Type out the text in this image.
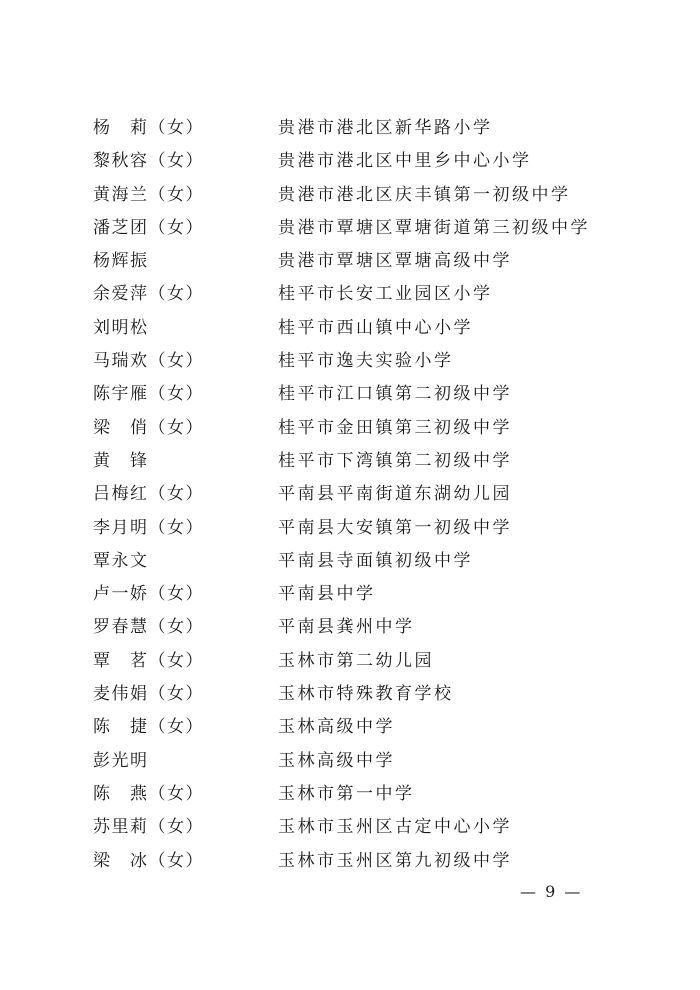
杨　莉（女）	贵港市港北区新华路小学
黎秋容（女）	贵港市港北区中里乡中心小学
黄海兰（女）	贵港市港北区庆丰镇第一初级中学
潘芝团（女）	贵港市覃塘区覃塘街道第三初级中学
杨辉振	贵港市覃塘区覃塘高级中学
余爱萍（女）	桂平市长安工业园区小学
刘明松	桂平市西山镇中心小学
马瑞欢（女）	桂平市逸夫实验小学
陈宇雁（女）	桂平市江口镇第二初级中学
梁　俏（女）	桂平市金田镇第三初级中学
黄　锋	桂平市下湾镇第二初级中学
吕梅红（女）	平南县平南街道东湖幼儿园
李月明（女）	平南县大安镇第一初级中学
覃永文	平南县寺面镇初级中学
卢一娇（女）	平南县中学
罗春慧（女）	平南县龚州中学
覃　茗（女）	玉林市第二幼儿园
麦伟娟（女）	玉林市特殊教育学校
陈　捷（女）	玉林高级中学
彭光明	玉林高级中学
陈　燕（女）	玉林市第一中学
苏里莉（女）	玉林市玉州区古定中心小学
梁　冰（女）	玉林市玉州区第九初级中学
— 9 —
